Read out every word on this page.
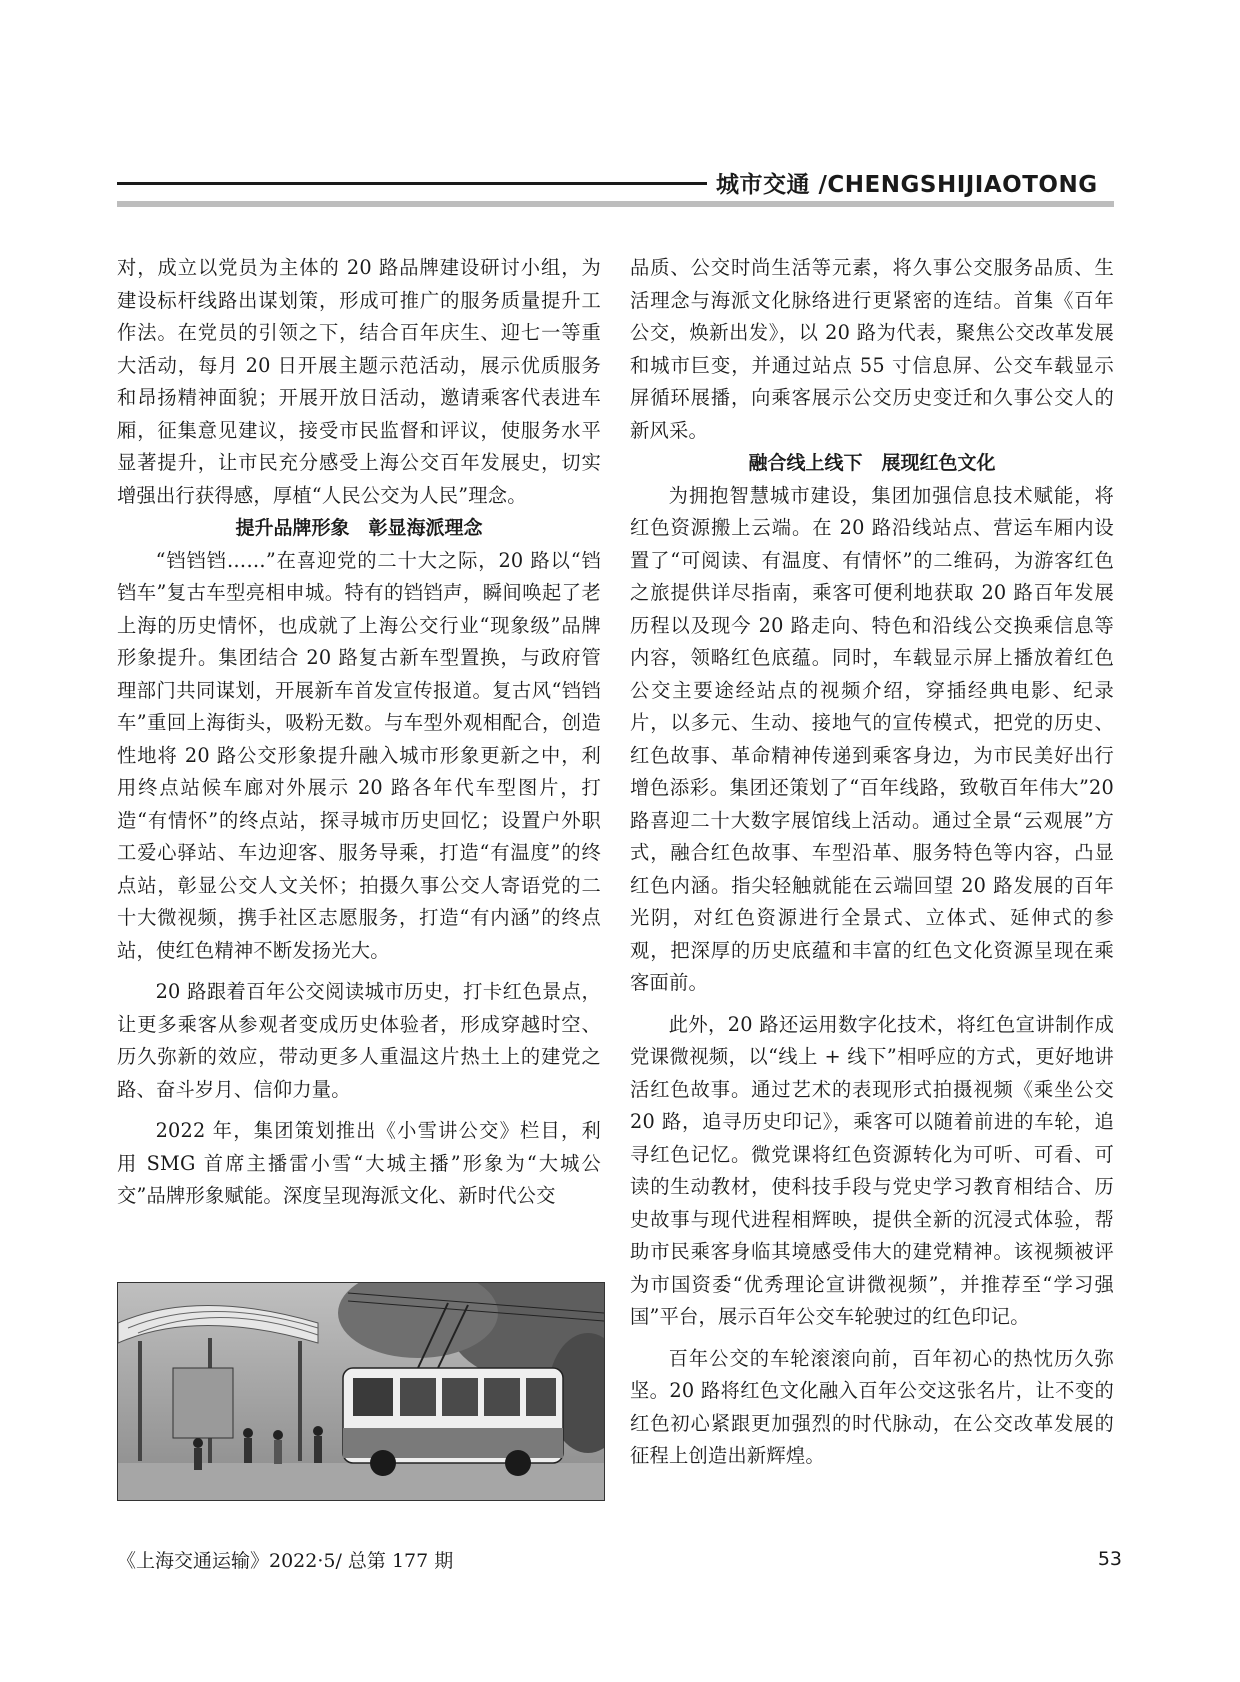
城市交通 /CHENGSHIJIAOTONG

对，成立以党员为主体的 20 路品牌建设研讨小组，为建设标杆线路出谋划策，形成可推广的服务质量提升工作法。在党员的引领之下，结合百年庆生、迎七一等重大活动，每月 20 日开展主题示范活动，展示优质服务和昂扬精神面貌；开展开放日活动，邀请乘客代表进车厢，征集意见建议，接受市民监督和评议，使服务水平显著提升，让市民充分感受上海公交百年发展史，切实增强出行获得感，厚植“人民公交为人民”理念。

提升品牌形象　彰显海派理念

“铛铛铛……”在喜迎党的二十大之际，20 路以“铛铛车”复古车型亮相申城。特有的铛铛声，瞬间唤起了老上海的历史情怀，也成就了上海公交行业“现象级”品牌形象提升。集团结合 20 路复古新车型置换，与政府管理部门共同谋划，开展新车首发宣传报道。复古风“铛铛车”重回上海街头，吸粉无数。与车型外观相配合，创造性地将 20 路公交形象提升融入城市形象更新之中，利用终点站候车廊对外展示 20 路各年代车型图片，打造“有情怀”的终点站，探寻城市历史回忆；设置户外职工爱心驿站、车边迎客、服务导乘，打造“有温度”的终点站，彰显公交人文关怀；拍摄久事公交人寄语党的二十大微视频，携手社区志愿服务，打造“有内涵”的终点站，使红色精神不断发扬光大。

20 路跟着百年公交阅读城市历史，打卡红色景点，让更多乘客从参观者变成历史体验者，形成穿越时空、历久弥新的效应，带动更多人重温这片热土上的建党之路、奋斗岁月、信仰力量。

2022 年，集团策划推出《小雪讲公交》栏目，利用 SMG 首席主播雷小雪“大城主播”形象为“大城公交”品牌形象赋能。深度呈现海派文化、新时代公交

品质、公交时尚生活等元素，将久事公交服务品质、生活理念与海派文化脉络进行更紧密的连结。首集《百年公交，焕新出发》，以 20 路为代表，聚焦公交改革发展和城市巨变，并通过站点 55 寸信息屏、公交车载显示屏循环展播，向乘客展示公交历史变迁和久事公交人的新风采。

融合线上线下　展现红色文化

为拥抱智慧城市建设，集团加强信息技术赋能，将红色资源搬上云端。在 20 路沿线站点、营运车厢内设置了“可阅读、有温度、有情怀”的二维码，为游客红色之旅提供详尽指南，乘客可便利地获取 20 路百年发展历程以及现今 20 路走向、特色和沿线公交换乘信息等内容，领略红色底蕴。同时，车载显示屏上播放着红色公交主要途经站点的视频介绍，穿插经典电影、纪录片，以多元、生动、接地气的宣传模式，把党的历史、红色故事、革命精神传递到乘客身边，为市民美好出行增色添彩。集团还策划了“百年线路，致敬百年伟大”20 路喜迎二十大数字展馆线上活动。通过全景“云观展”方式，融合红色故事、车型沿革、服务特色等内容，凸显红色内涵。指尖轻触就能在云端回望 20 路发展的百年光阴，对红色资源进行全景式、立体式、延伸式的参观，把深厚的历史底蕴和丰富的红色文化资源呈现在乘客面前。

此外，20 路还运用数字化技术，将红色宣讲制作成党课微视频，以“线上 + 线下”相呼应的方式，更好地讲活红色故事。通过艺术的表现形式拍摄视频《乘坐公交 20 路，追寻历史印记》，乘客可以随着前进的车轮，追寻红色记忆。微党课将红色资源转化为可听、可看、可读的生动教材，使科技手段与党史学习教育相结合、历史故事与现代进程相辉映，提供全新的沉浸式体验，帮助市民乘客身临其境感受伟大的建党精神。该视频被评为市国资委“优秀理论宣讲微视频”，并推荐至“学习强国”平台，展示百年公交车轮驶过的红色印记。

百年公交的车轮滚滚向前，百年初心的热忱历久弥坚。20 路将红色文化融入百年公交这张名片，让不变的红色初心紧跟更加强烈的时代脉动，在公交改革发展的征程上创造出新辉煌。

《上海交通运输》2022·5/ 总第 177 期	53
